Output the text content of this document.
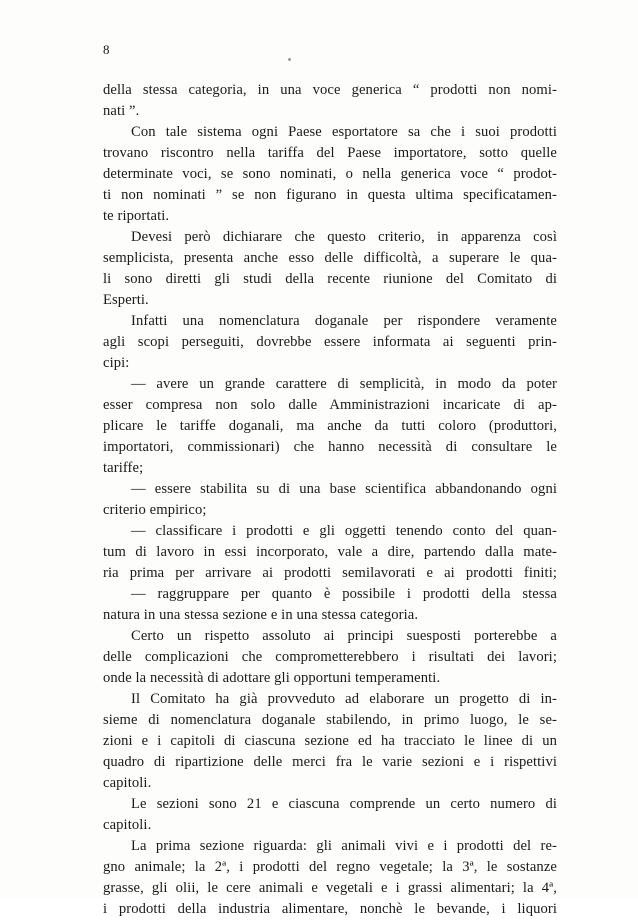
8
della stessa categoria, in una voce generica “ prodotti non nomi-
nati ”.
Con tale sistema ogni Paese esportatore sa che i suoi prodotti
trovano riscontro nella tariffa del Paese importatore, sotto quelle
determinate voci, se sono nominati, o nella generica voce “ prodot-
ti non nominati ” se non figurano in questa ultima specificatamen-
te riportati.
Devesi però dichiarare che questo criterio, in apparenza così
semplicista, presenta anche esso delle difficoltà, a superare le qua-
li sono diretti gli studi della recente riunione del Comitato di
Esperti.
Infatti una nomenclatura doganale per rispondere veramente
agli scopi perseguiti, dovrebbe essere informata ai seguenti prin-
cipi:
— avere un grande carattere di semplicità, in modo da poter
esser compresa non solo dalle Amministrazioni incaricate di ap-
plicare le tariffe doganali, ma anche da tutti coloro (produttori,
importatori, commissionari) che hanno necessità di consultare le
tariffe;
— essere stabilita su di una base scientifica abbandonando ogni
criterio empirico;
— classificare i prodotti e gli oggetti tenendo conto del quan-
tum di lavoro in essi incorporato, vale a dire, partendo dalla mate-
ria prima per arrivare ai prodotti semilavorati e ai prodotti finiti;
— raggruppare per quanto è possibile i prodotti della stessa
natura in una stessa sezione e in una stessa categoria.
Certo un rispetto assoluto ai principi suesposti porterebbe a
delle complicazioni che comprometterebbero i risultati dei lavori;
onde la necessità di adottare gli opportuni temperamenti.
Il Comitato ha già provveduto ad elaborare un progetto di in-
sieme di nomenclatura doganale stabilendo, in primo luogo, le se-
zioni e i capitoli di ciascuna sezione ed ha tracciato le linee di un
quadro di ripartizione delle merci fra le varie sezioni e i rispettivi
capitoli.
Le sezioni sono 21 e ciascuna comprende un certo numero di
capitoli.
La prima sezione riguarda: gli animali vivi e i prodotti del re-
gno animale; la 2ª, i prodotti del regno vegetale; la 3ª, le sostanze
grasse, gli olii, le cere animali e vegetali e i grassi alimentari; la 4ª,
i prodotti della industria alimentare, nonchè le bevande, i liquori
